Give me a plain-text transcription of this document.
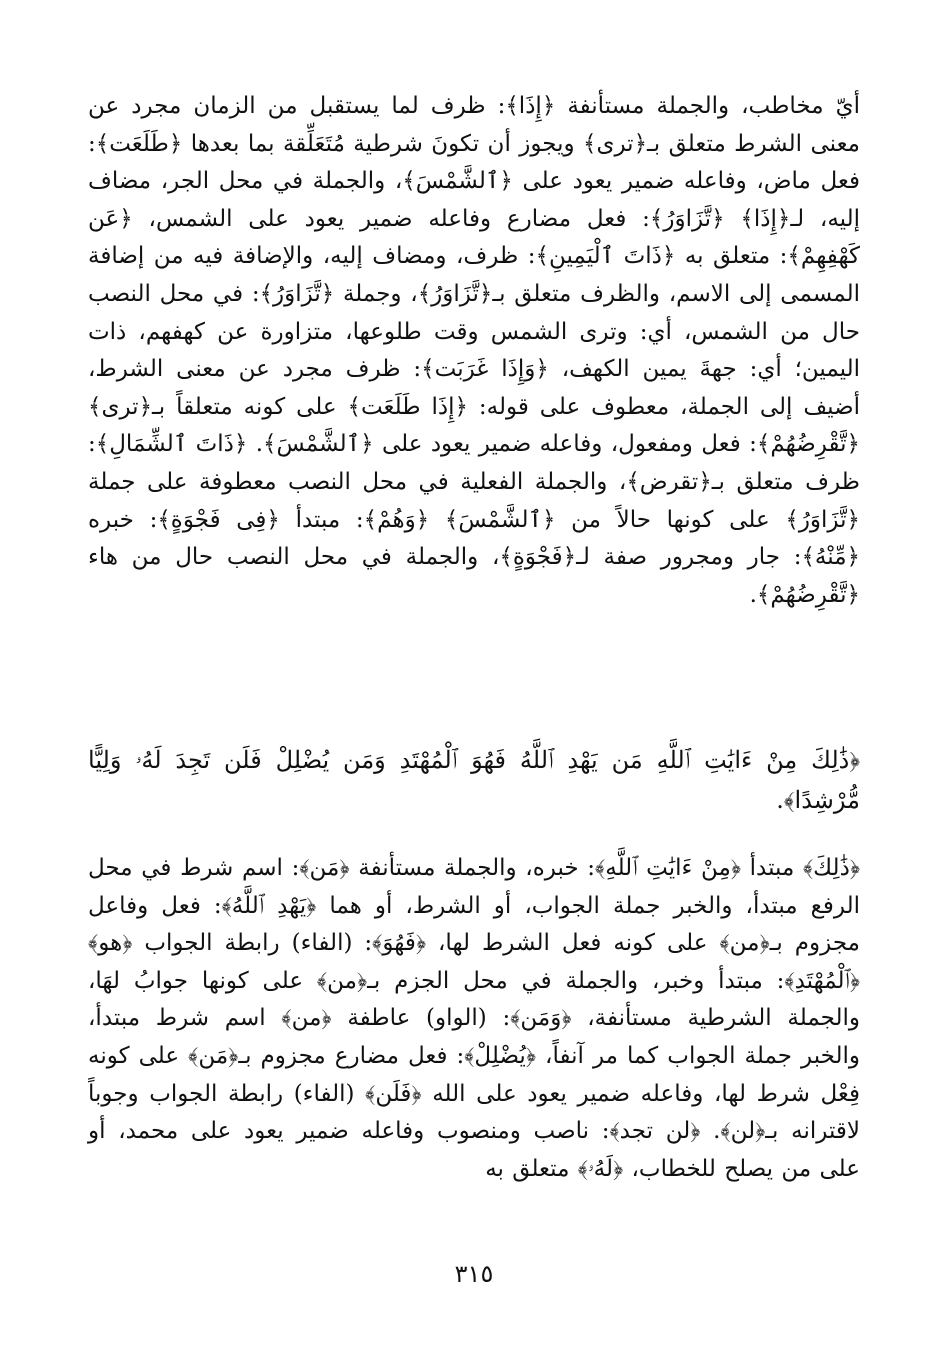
أيّ مخاطب، والجملة مستأنفة ﴿إِذَا﴾: ظرف لما يستقبل من الزمان مجرد عن معنى الشرط متعلق بـ﴿ترى﴾ ويجوز أن تكونَ شرطية مُتَعَلِّقة بما بعدها ﴿طَلَعَت﴾: فعل ماض، وفاعله ضمير يعود على ﴿ٱلشَّمْسَ﴾، والجملة في محل الجر، مضاف إليه، لـ﴿إِذَا﴾ ﴿تَّزَاوَرُ﴾: فعل مضارع وفاعله ضمير يعود على الشمس، ﴿عَن كَهْفِهِمْ﴾: متعلق به ﴿ذَاتَ ٱلْيَمِينِ﴾: ظرف، ومضاف إليه، والإضافة فيه من إضافة المسمى إلى الاسم، والظرف متعلق بـ﴿تَّزَاوَرُ﴾، وجملة ﴿تَّزَاوَرُ﴾: في محل النصب حال من الشمس، أي: وترى الشمس وقت طلوعها، متزاورة عن كهفهم، ذات اليمين؛ أي: جهةَ يمين الكهف، ﴿وَإِذَا غَرَبَت﴾: ظرف مجرد عن معنى الشرط، أضيف إلى الجملة، معطوف على قوله: ﴿إِذَا طَلَعَت﴾ على كونه متعلقاً بـ﴿ترى﴾ ﴿تَّقْرِضُهُمْ﴾: فعل ومفعول، وفاعله ضمير يعود على ﴿ٱلشَّمْسَ﴾. ﴿ذَاتَ ٱلشِّمَالِ﴾: ظرف متعلق بـ﴿تقرض﴾، والجملة الفعلية في محل النصب معطوفة على جملة ﴿تَّزَاوَرُ﴾ على كونها حالاً من ﴿ٱلشَّمْسَ﴾ ﴿وَهُمْ﴾: مبتدأ ﴿فِى فَجْوَةٍ﴾: خبره ﴿مِّنْهُ﴾: جار ومجرور صفة لـ﴿فَجْوَةٍ﴾، والجملة في محل النصب حال من هاء ﴿تَّقْرِضُهُمْ﴾.

﴿ذَٰلِكَ مِنْ ءَايَٰتِ ٱللَّهِ مَن يَهْدِ ٱللَّهُ فَهُوَ ٱلْمُهْتَدِ وَمَن يُضْلِلْ فَلَن تَجِدَ لَهُۥ وَلِيًّا مُّرْشِدًا﴾.

﴿ذَٰلِكَ﴾ مبتدأ ﴿مِنْ ءَايَٰتِ ٱللَّهِ﴾: خبره، والجملة مستأنفة ﴿مَن﴾: اسم شرط في محل الرفع مبتدأ، والخبر جملة الجواب، أو الشرط، أو هما ﴿يَهْدِ ٱللَّهُ﴾: فعل وفاعل مجزوم بـ﴿من﴾ على كونه فعل الشرط لها، ﴿فَهُوَ﴾: (الفاء) رابطة الجواب ﴿هو﴾ ﴿ٱلْمُهْتَدِ﴾: مبتدأ وخبر، والجملة في محل الجزم بـ﴿من﴾ على كونها جوابُ لهَا، والجملة الشرطية مستأنفة، ﴿وَمَن﴾: (الواو) عاطفة ﴿من﴾ اسم شرط مبتدأ، والخبر جملة الجواب كما مر آنفاً، ﴿يُضْلِلْ﴾: فعل مضارع مجزوم بـ﴿مَن﴾ على كونه فِعْل شرط لها، وفاعله ضمير يعود على الله ﴿فَلَن﴾ (الفاء) رابطة الجواب وجوباً لاقترانه بـ﴿لن﴾. ﴿لن تجد﴾: ناصب ومنصوب وفاعله ضمير يعود على محمد، أو على من يصلح للخطاب، ﴿لَهُۥ﴾ متعلق به

٣١٥
